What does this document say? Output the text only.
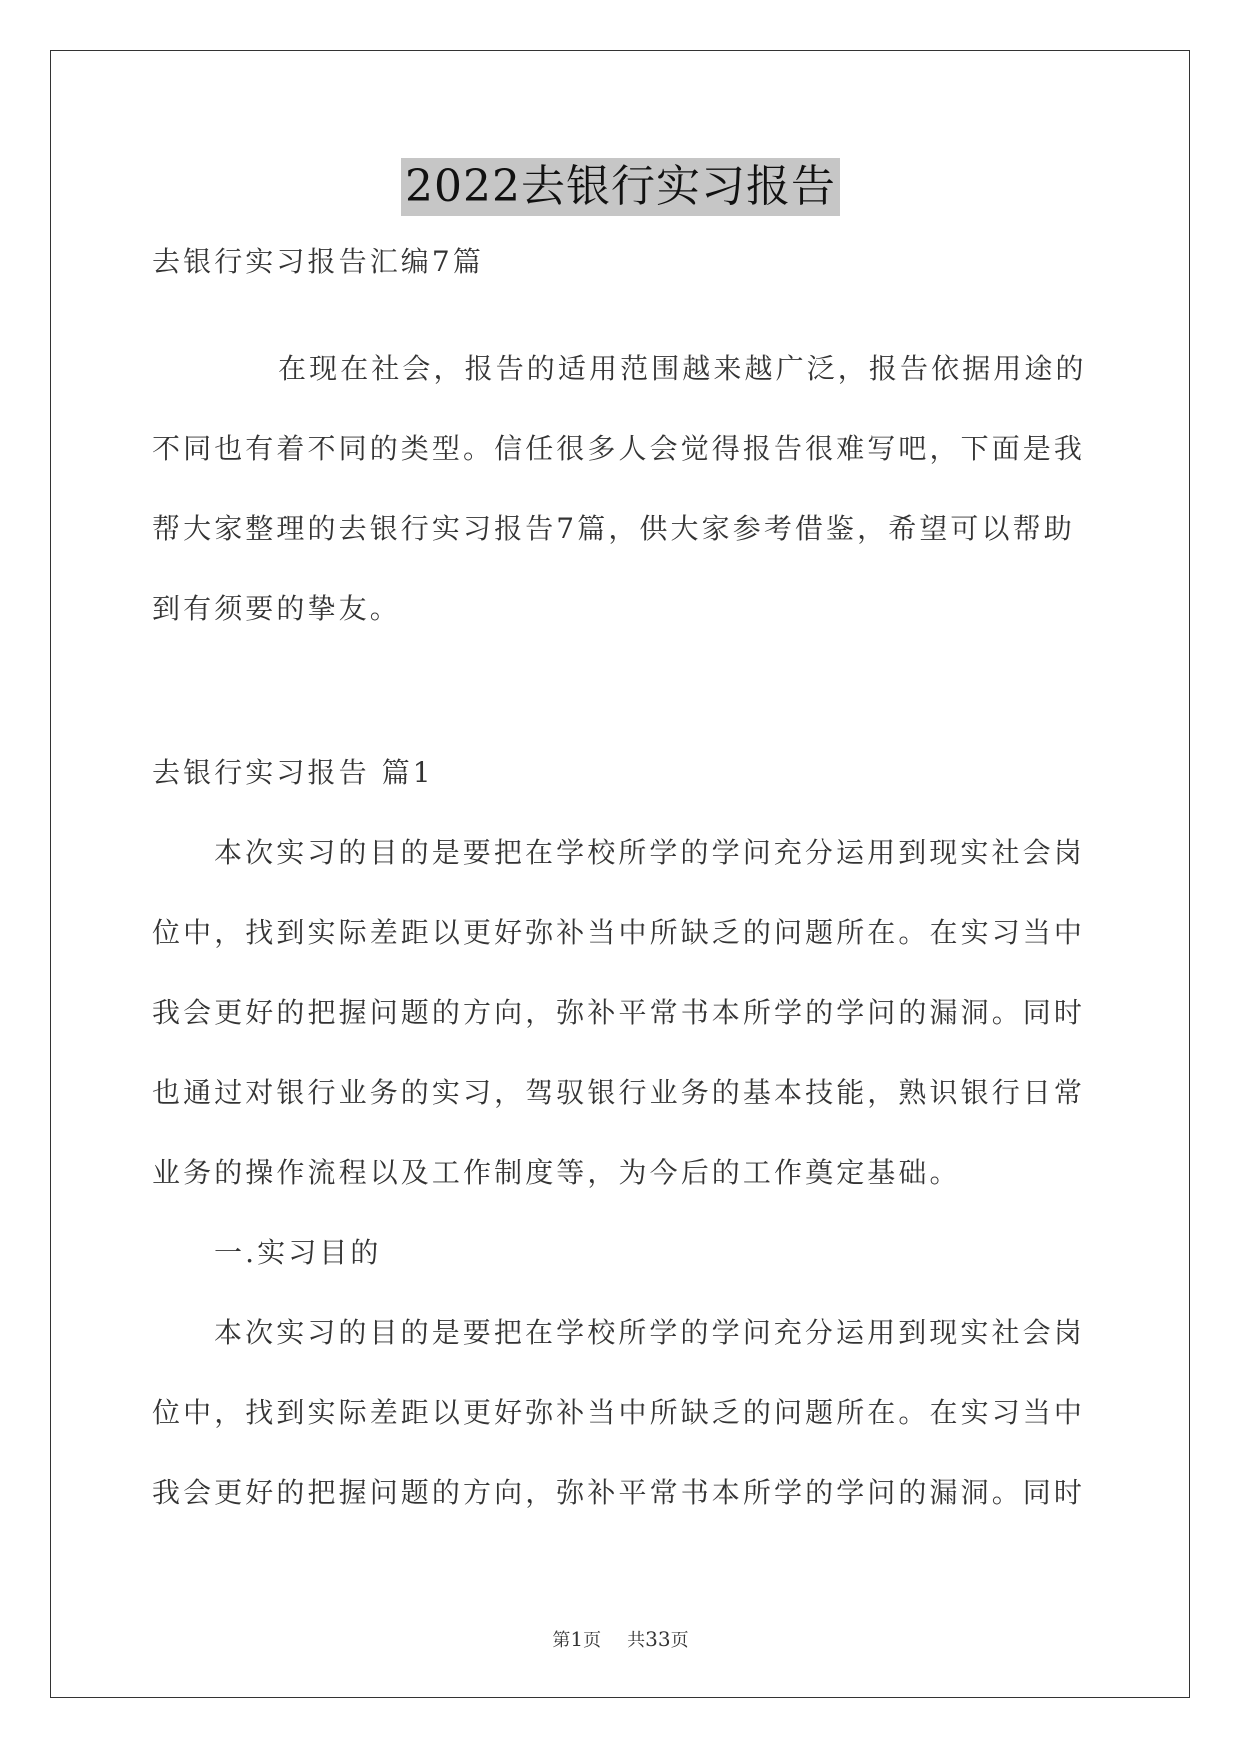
2022去银行实习报告
去银行实习报告汇编7篇
在现在社会，报告的适用范围越来越广泛，报告依据用途的
不同也有着不同的类型。信任很多人会觉得报告很难写吧，下面是我
帮大家整理的去银行实习报告7篇，供大家参考借鉴，希望可以帮助
到有须要的挚友。
去银行实习报告 篇1
本次实习的目的是要把在学校所学的学问充分运用到现实社会岗
位中，找到实际差距以更好弥补当中所缺乏的问题所在。在实习当中
我会更好的把握问题的方向，弥补平常书本所学的学问的漏洞。同时
也通过对银行业务的实习，驾驭银行业务的基本技能，熟识银行日常
业务的操作流程以及工作制度等，为今后的工作奠定基础。
一.实习目的
本次实习的目的是要把在学校所学的学问充分运用到现实社会岗
位中，找到实际差距以更好弥补当中所缺乏的问题所在。在实习当中
我会更好的把握问题的方向，弥补平常书本所学的学问的漏洞。同时
第1页 共33页
